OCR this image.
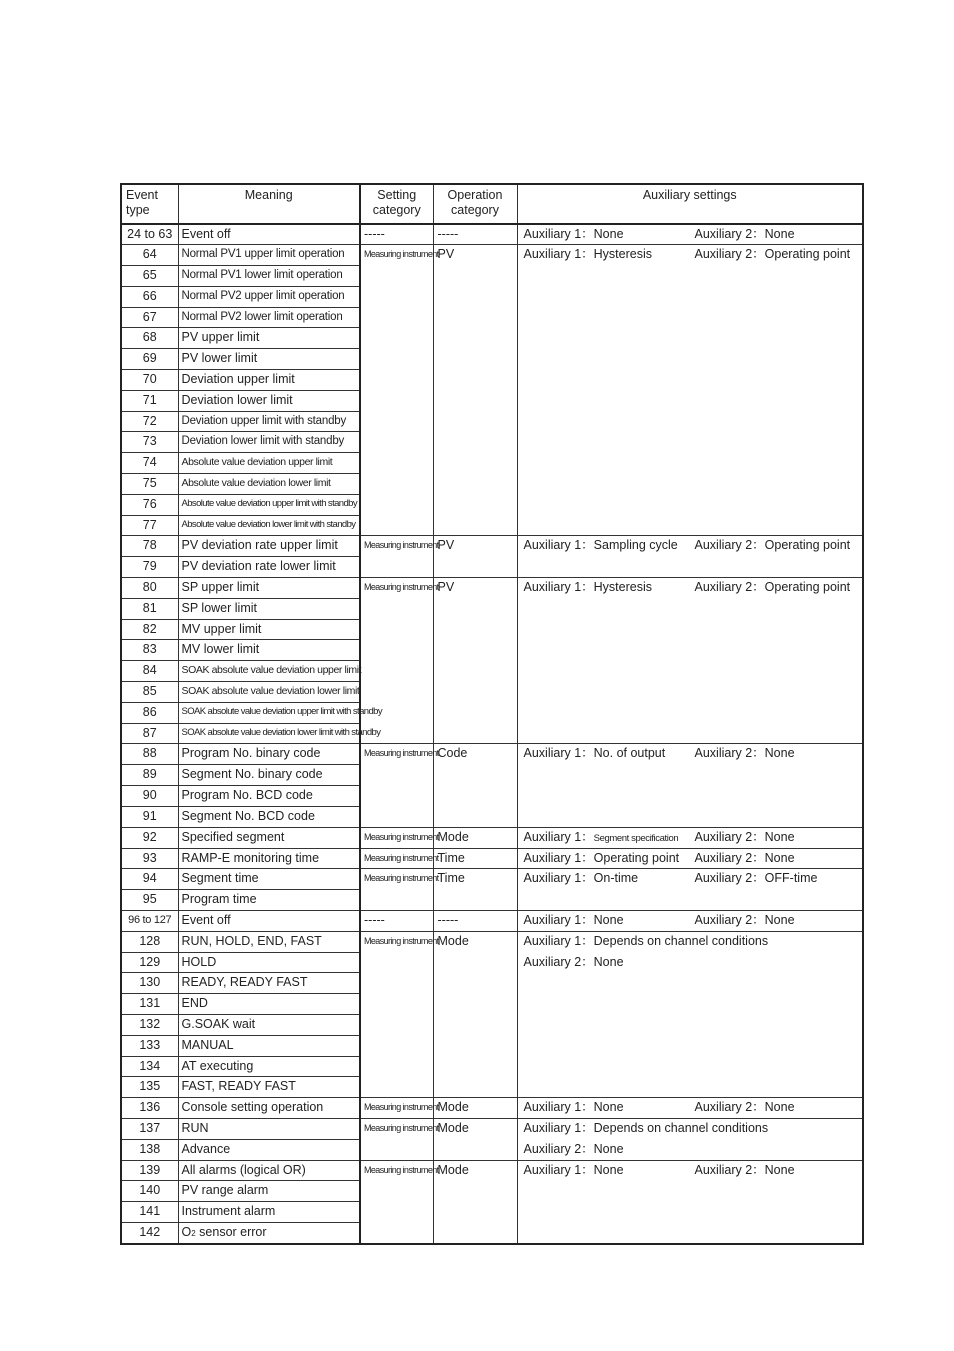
Event type	Meaning	Setting category	Operation category	Auxiliary settings
24 to 63	Event off	-----	-----	Auxiliary 1：None Auxiliary 2：None

64	Normal PV1 upper limit operation	Measuring instrument	PV	Auxiliary 1：Hysteresis Auxiliary 2：Operating point

65	Normal PV1 lower limit operation			
66	Normal PV2 upper limit operation			
67	Normal PV2 lower limit operation			
68	PV upper limit			
69	PV lower limit			
70	Deviation upper limit			
71	Deviation lower limit			
72	Deviation upper limit with standby			
73	Deviation lower limit with standby			
74	Absolute value deviation upper limit			
75	Absolute value deviation lower limit			
76	Absolute value deviation upper limit with standby			
77	Absolute value deviation lower limit with standby			
78	PV deviation rate upper limit	Measuring instrument	PV	Auxiliary 1：Sampling cycle Auxiliary 2：Operating point

79	PV deviation rate lower limit			
80	SP upper limit	Measuring instrument	PV	Auxiliary 1：Hysteresis Auxiliary 2：Operating point

81	SP lower limit			
82	MV upper limit			
83	MV lower limit			
84	SOAK absolute value deviation upper limit			
85	SOAK absolute value deviation lower limit			
86	SOAK absolute value deviation upper limit with standby			
87	SOAK absolute value deviation lower limit with standby			
88	Program No. binary code	Measuring instrument	Code	Auxiliary 1：No. of output Auxiliary 2：None

89	Segment No. binary code			
90	Program No. BCD code			
91	Segment No. BCD code			
92	Specified segment	Measuring instrument	Mode	Auxiliary 1：Segment specification Auxiliary 2：None

93	RAMP-E monitoring time	Measuring instrument	Time	Auxiliary 1：Operating point Auxiliary 2：None

94	Segment time	Measuring instrument	Time	Auxiliary 1：On-time Auxiliary 2：OFF-time

95	Program time			
96 to 127	Event off	-----	-----	Auxiliary 1：None Auxiliary 2：None

128	RUN, HOLD, END, FAST	Measuring instrument	Mode	Auxiliary 1：Depends on channel conditions
Auxiliary 2：None

129	HOLD			
130	READY, READY FAST			
131	END			
132	G.SOAK wait			
133	MANUAL			
134	AT executing			
135	FAST, READY FAST			
136	Console setting operation	Measuring instrument	Mode	Auxiliary 1：None Auxiliary 2：None

137	RUN	Measuring instrument	Mode	Auxiliary 1：Depends on channel conditions
Auxiliary 2：None

138	Advance			
139	All alarms (logical OR)	Measuring instrument	Mode	Auxiliary 1：None Auxiliary 2：None

140	PV range alarm			
141	Instrument alarm			
142	O2 sensor error			
